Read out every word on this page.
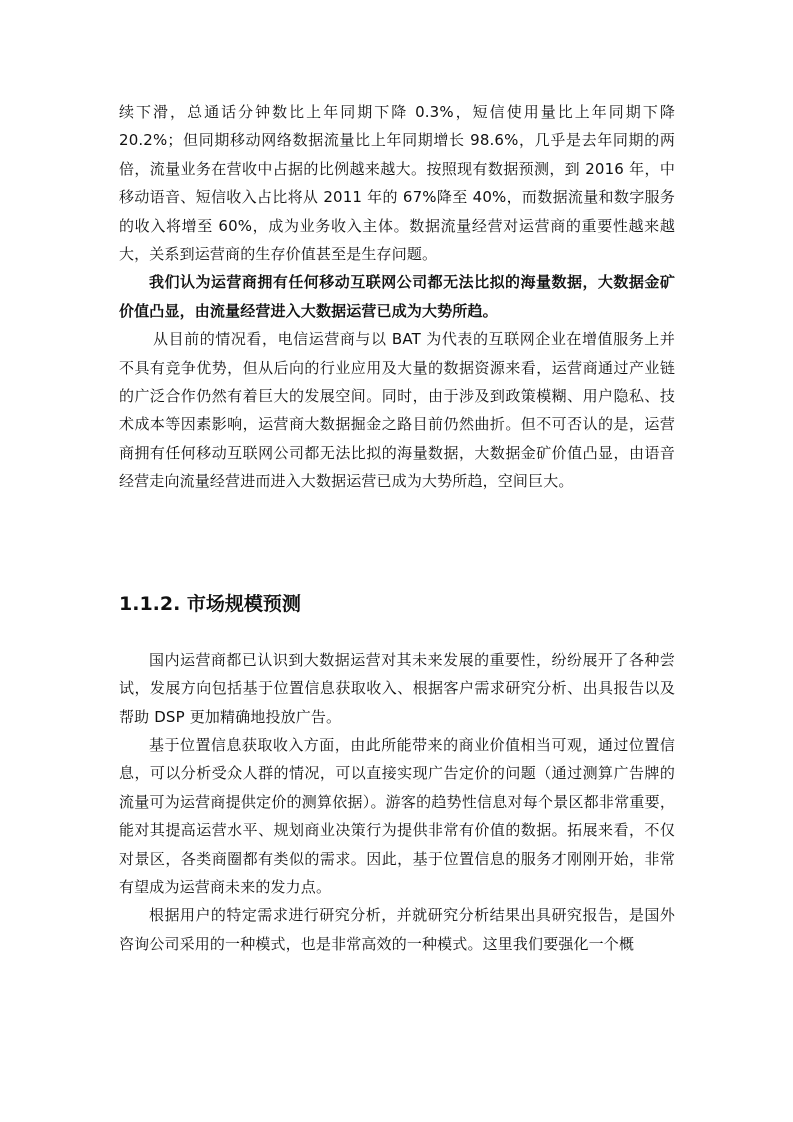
续下滑，总通话分钟数比上年同期下降 0.3%，短信使用量比上年同期下降 20.2%；但同期移动网络数据流量比上年同期增长 98.6%，几乎是去年同期的两倍，流量业务在营收中占据的比例越来越大。按照现有数据预测，到 2016 年，中移动语音、短信收入占比将从 2011 年的 67%降至 40%，而数据流量和数字服务的收入将增至 60%，成为业务收入主体。数据流量经营对运营商的重要性越来越大，关系到运营商的生存价值甚至是生存问题。

我们认为运营商拥有任何移动互联网公司都无法比拟的海量数据，大数据金矿价值凸显，由流量经营进入大数据运营已成为大势所趋。

从目前的情况看，电信运营商与以 BAT 为代表的互联网企业在增值服务上并不具有竞争优势，但从后向的行业应用及大量的数据资源来看，运营商通过产业链的广泛合作仍然有着巨大的发展空间。同时，由于涉及到政策模糊、用户隐私、技术成本等因素影响，运营商大数据掘金之路目前仍然曲折。但不可否认的是，运营商拥有任何移动互联网公司都无法比拟的海量数据，大数据金矿价值凸显，由语音经营走向流量经营进而进入大数据运营已成为大势所趋，空间巨大。

1.1.2. 市场规模预测

国内运营商都已认识到大数据运营对其未来发展的重要性，纷纷展开了各种尝试，发展方向包括基于位置信息获取收入、根据客户需求研究分析、出具报告以及帮助 DSP 更加精确地投放广告。

基于位置信息获取收入方面，由此所能带来的商业价值相当可观，通过位置信息，可以分析受众人群的情况，可以直接实现广告定价的问题（通过测算广告牌的流量可为运营商提供定价的测算依据）。游客的趋势性信息对每个景区都非常重要，能对其提高运营水平、规划商业决策行为提供非常有价值的数据。拓展来看，不仅对景区，各类商圈都有类似的需求。因此，基于位置信息的服务才刚刚开始，非常有望成为运营商未来的发力点。

根据用户的特定需求进行研究分析，并就研究分析结果出具研究报告，是国外咨询公司采用的一种模式，也是非常高效的一种模式。这里我们要强化一个概
